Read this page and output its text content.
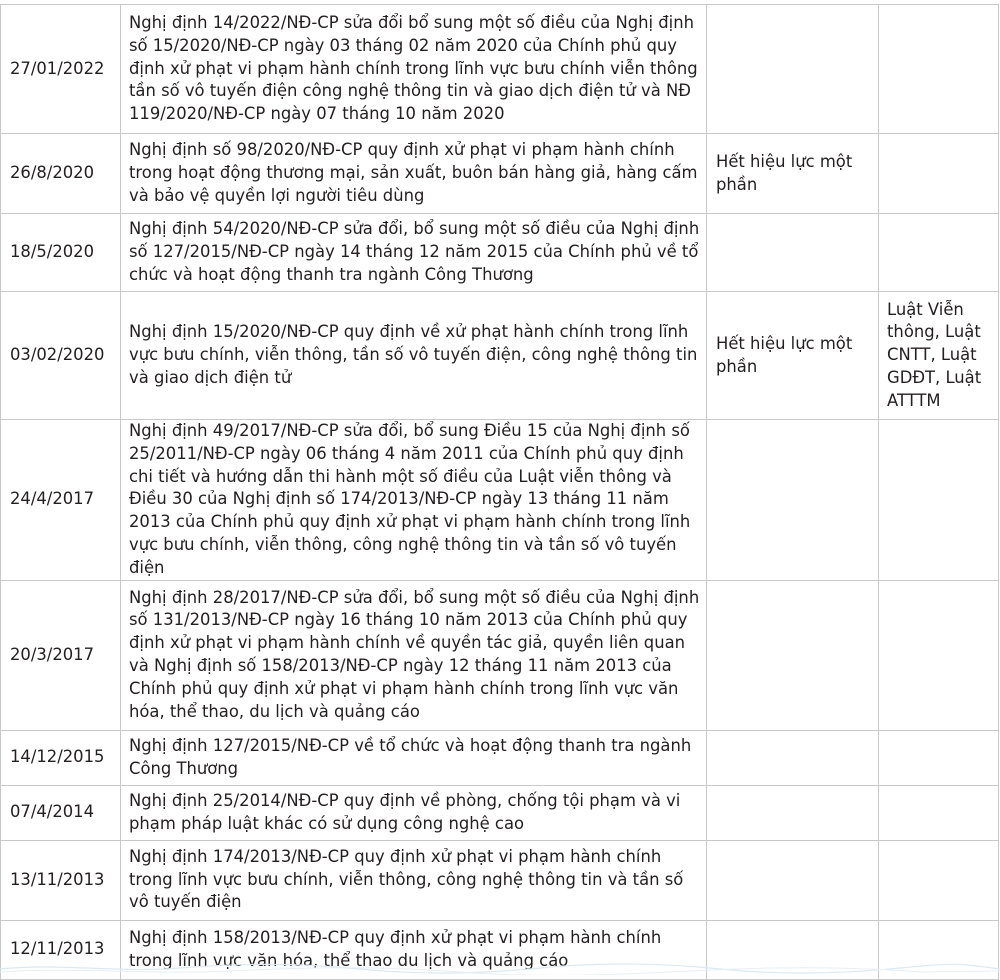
27/01/2022	Nghị định 14/2022/NĐ-CP sửa đổi bổ sung một số điều của Nghị định số 15/2020/NĐ-CP ngày 03 tháng 02 năm 2020 của Chính phủ quy định xử phạt vi phạm hành chính trong lĩnh vực bưu chính viễn thông tần số vô tuyến điện công nghệ thông tin và giao dịch điện tử và NĐ 119/2020/NĐ-CP ngày 07 tháng 10 năm 2020		
26/8/2020	Nghị định số 98/2020/NĐ-CP quy định xử phạt vi phạm hành chính trong hoạt động thương mại, sản xuất, buôn bán hàng giả, hàng cấm và bảo vệ quyền lợi người tiêu dùng	Hết hiệu lực một phần	
18/5/2020	Nghị định 54/2020/NĐ-CP sửa đổi, bổ sung một số điều của Nghị định số 127/2015/NĐ-CP ngày 14 tháng 12 năm 2015 của Chính phủ về tổ chức và hoạt động thanh tra ngành Công Thương		
03/02/2020	Nghị định 15/2020/NĐ-CP quy định về xử phạt hành chính trong lĩnh vực bưu chính, viễn thông, tần số vô tuyến điện, công nghệ thông tin và giao dịch điện tử	Hết hiệu lực một phần	Luật Viễn thông, Luật CNTT, Luật GDĐT, Luật ATTTM
24/4/2017	Nghị định 49/2017/NĐ-CP sửa đổi, bổ sung Điều 15 của Nghị định số 25/2011/NĐ-CP ngày 06 tháng 4 năm 2011 của Chính phủ quy định chi tiết và hướng dẫn thi hành một số điều của Luật viễn thông và Điều 30 của Nghị định số 174/2013/NĐ-CP ngày 13 tháng 11 năm 2013 của Chính phủ quy định xử phạt vi phạm hành chính trong lĩnh vực bưu chính, viễn thông, công nghệ thông tin và tần số vô tuyến điện		
20/3/2017	Nghị định 28/2017/NĐ-CP sửa đổi, bổ sung một số điều của Nghị định số 131/2013/NĐ-CP ngày 16 tháng 10 năm 2013 của Chính phủ quy định xử phạt vi phạm hành chính về quyền tác giả, quyền liên quan và Nghị định số 158/2013/NĐ-CP ngày 12 tháng 11 năm 2013 của Chính phủ quy định xử phạt vi phạm hành chính trong lĩnh vực văn hóa, thể thao, du lịch và quảng cáo		
14/12/2015	Nghị định 127/2015/NĐ-CP về tổ chức và hoạt động thanh tra ngành Công Thương		
07/4/2014	Nghị định 25/2014/NĐ-CP quy định về phòng, chống tội phạm và vi phạm pháp luật khác có sử dụng công nghệ cao		
13/11/2013	Nghị định 174/2013/NĐ-CP quy định xử phạt vi phạm hành chính trong lĩnh vực bưu chính, viễn thông, công nghệ thông tin và tần số vô tuyến điện		
12/11/2013	Nghị định 158/2013/NĐ-CP quy định xử phạt vi phạm hành chính trong lĩnh vực văn hóa, thể thao du lịch và quảng cáo		
